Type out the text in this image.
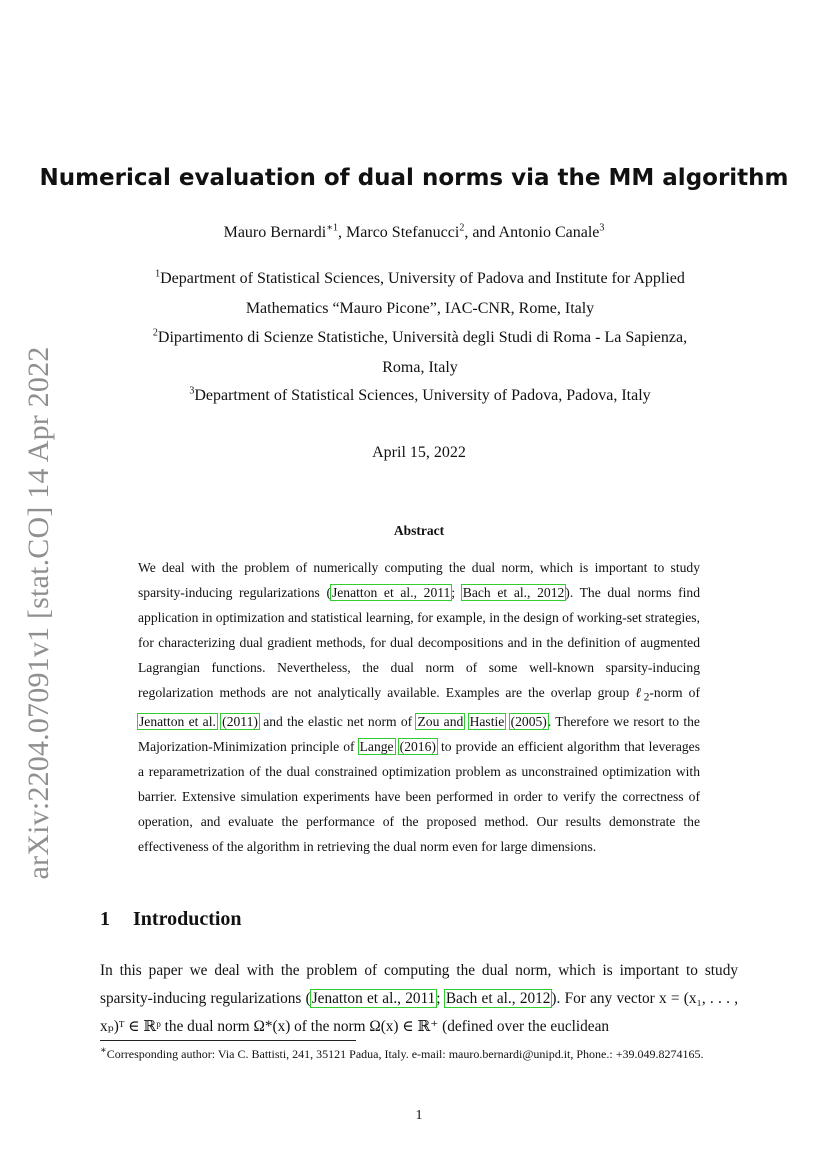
arXiv:2204.07091v1 [stat.CO] 14 Apr 2022
Numerical evaluation of dual norms via the MM algorithm
Mauro Bernardi$^{∗1}$, Marco Stefanucci$^2$, and Antonio Canale$^3$
$^1$Department of Statistical Sciences, University of Padova and Institute for Applied
Mathematics “Mauro Picone”, IAC-CNR, Rome, Italy
$^2$Dipartimento di Scienze Statistiche, Università degli Studi di Roma - La Sapienza,
Roma, Italy
$^3$Department of Statistical Sciences, University of Padova, Padova, Italy
April 15, 2022
Abstract

We deal with the problem of numerically computing the dual norm, which is important to study sparsity-inducing regularizations (Jenatton et al., 2011; Bach et al., 2012). The dual norms find application in optimization and statistical learning, for example, in the design of working-set strategies, for characterizing dual gradient methods, for dual decompositions and in the definition of augmented Lagrangian functions. Nevertheless, the dual norm of some well-known sparsity-inducing regolarization methods are not analytically available. Examples are the overlap group ℓ$_2$-norm of Jenatton et al. (2011) and the elastic net norm of Zou and Hastie (2005). Therefore we resort to the Majorization-Minimization principle of Lange (2016) to provide an efficient algorithm that leverages a reparametrization of the dual constrained optimization problem as unconstrained optimization with barrier. Extensive simulation experiments have been performed in order to verify the correctness of operation, and evaluate the performance of the proposed method. Our results demonstrate the effectiveness of the algorithm in retrieving the dual norm even for large dimensions.

1 Introduction

In this paper we deal with the problem of computing the dual norm, which is important to study sparsity-inducing regularizations (Jenatton et al., 2011; Bach et al., 2012). For any vector x = (x₁, . . . , xₚ)ᵀ ∈ ℝᵖ the dual norm Ω*(x) of the norm Ω(x) ∈ ℝ⁺ (defined over the euclidean

∗Corresponding author: Via C. Battisti, 241, 35121 Padua, Italy. e-mail: mauro.bernardi@unipd.it, Phone.: +39.049.8274165.

1
